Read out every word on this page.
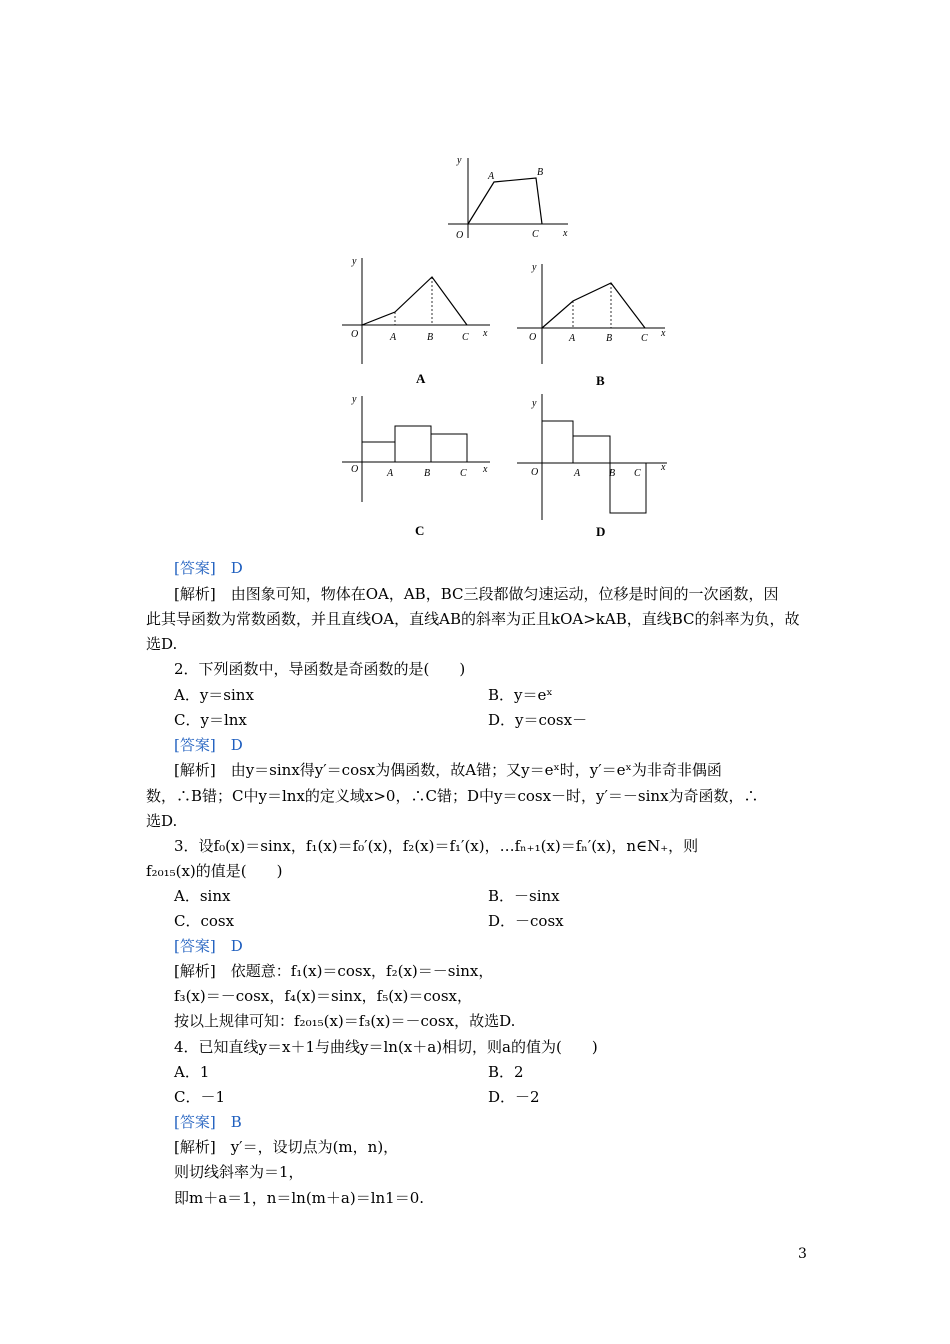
y
x
O
A	B
C
y
x
O	A	B	C
A
y
x
O	A	B	C
B
y
x
O	A	B	C
C
y
x
O	A	B C
D
[答案]　D
[解析]　由图象可知，物体在OA，AB，BC三段都做匀速运动，位移是时间的一次函数，因
此其导函数为常数函数，并且直线OA，直线AB的斜率为正且kOA>kAB，直线BC的斜率为负，故
选D.
2．下列函数中，导函数是奇函数的是(　　)
A．y＝sinx	B．y＝eˣ
C．y＝lnx	D．y＝cosx－
[答案]　D
[解析]　由y＝sinx得y′＝cosx为偶函数，故A错；又y＝eˣ时，y′＝eˣ为非奇非偶函
数，∴B错；C中y＝lnx的定义域x>0，∴C错；D中y＝cosx－时，y′＝－sinx为奇函数，∴
选D.
3．设f₀(x)＝sinx，f₁(x)＝f₀′(x)，f₂(x)＝f₁′(x)，…fₙ₊₁(x)＝fₙ′(x)，n∈N₊，则
f₂₀₁₅(x)的值是(　　)
A．sinx	B．－sinx
C．cosx	D．－cosx
[答案]　D
[解析]　依题意：f₁(x)＝cosx，f₂(x)＝－sinx，
f₃(x)＝－cosx，f₄(x)＝sinx，f₅(x)＝cosx，
按以上规律可知：f₂₀₁₅(x)＝f₃(x)＝－cosx，故选D.
4．已知直线y＝x＋1与曲线y＝ln(x＋a)相切，则a的值为(　　)
A．1	B．2
C．－1	D．－2
[答案]　B
[解析]　y′＝，设切点为(m，n)，
则切线斜率为＝1，
即m＋a＝1，n＝ln(m＋a)＝ln1＝0.
3
